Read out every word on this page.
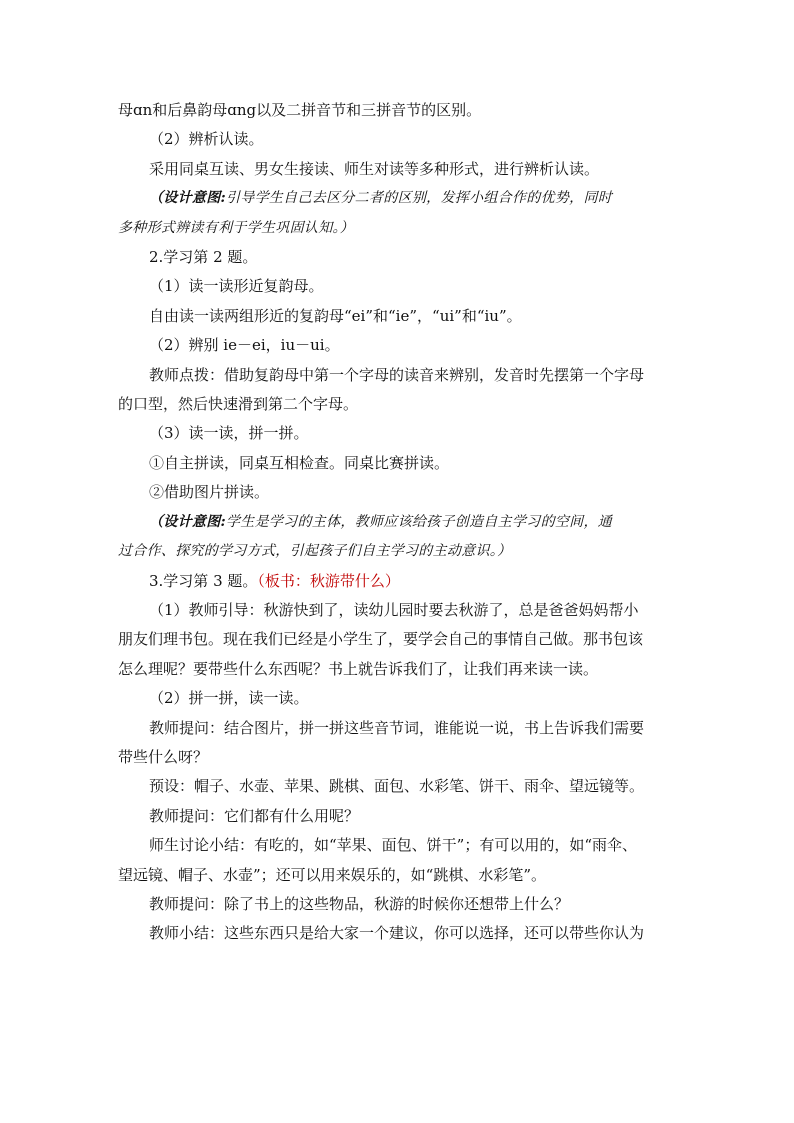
母ɑn和后鼻韵母ɑng以及二拼音节和三拼音节的区别。

（2）辨析认读。

采用同桌互读、男女生接读、师生对读等多种形式，进行辨析认读。

（设计意图:引导学生自己去区分二者的区别，发挥小组合作的优势，同时

多种形式辨读有利于学生巩固认知。）

2.学习第 2 题。

（1）读一读形近复韵母。

自由读一读两组形近的复韵母“ei”和“ie”，“ui”和“iu”。

（2）辨别 ie－ei，iu－ui。

教师点拨：借助复韵母中第一个字母的读音来辨别，发音时先摆第一个字母

的口型，然后快速滑到第二个字母。

（3）读一读，拼一拼。

①自主拼读，同桌互相检查。同桌比赛拼读。

②借助图片拼读。

（设计意图:学生是学习的主体，教师应该给孩子创造自主学习的空间，通

过合作、探究的学习方式，引起孩子们自主学习的主动意识。）

3.学习第 3 题。（板书：秋游带什么）

（1）教师引导：秋游快到了，读幼儿园时要去秋游了，总是爸爸妈妈帮小

朋友们理书包。现在我们已经是小学生了，要学会自己的事情自己做。那书包该

怎么理呢？要带些什么东西呢？书上就告诉我们了，让我们再来读一读。

（2）拼一拼，读一读。

教师提问：结合图片，拼一拼这些音节词，谁能说一说，书上告诉我们需要

带些什么呀？

预设：帽子、水壶、苹果、跳棋、面包、水彩笔、饼干、雨伞、望远镜等。

教师提问：它们都有什么用呢？

师生讨论小结：有吃的，如“苹果、面包、饼干”；有可以用的，如“雨伞、

望远镜、帽子、水壶”；还可以用来娱乐的，如“跳棋、水彩笔”。

教师提问：除了书上的这些物品，秋游的时候你还想带上什么？

教师小结：这些东西只是给大家一个建议，你可以选择，还可以带些你认为
